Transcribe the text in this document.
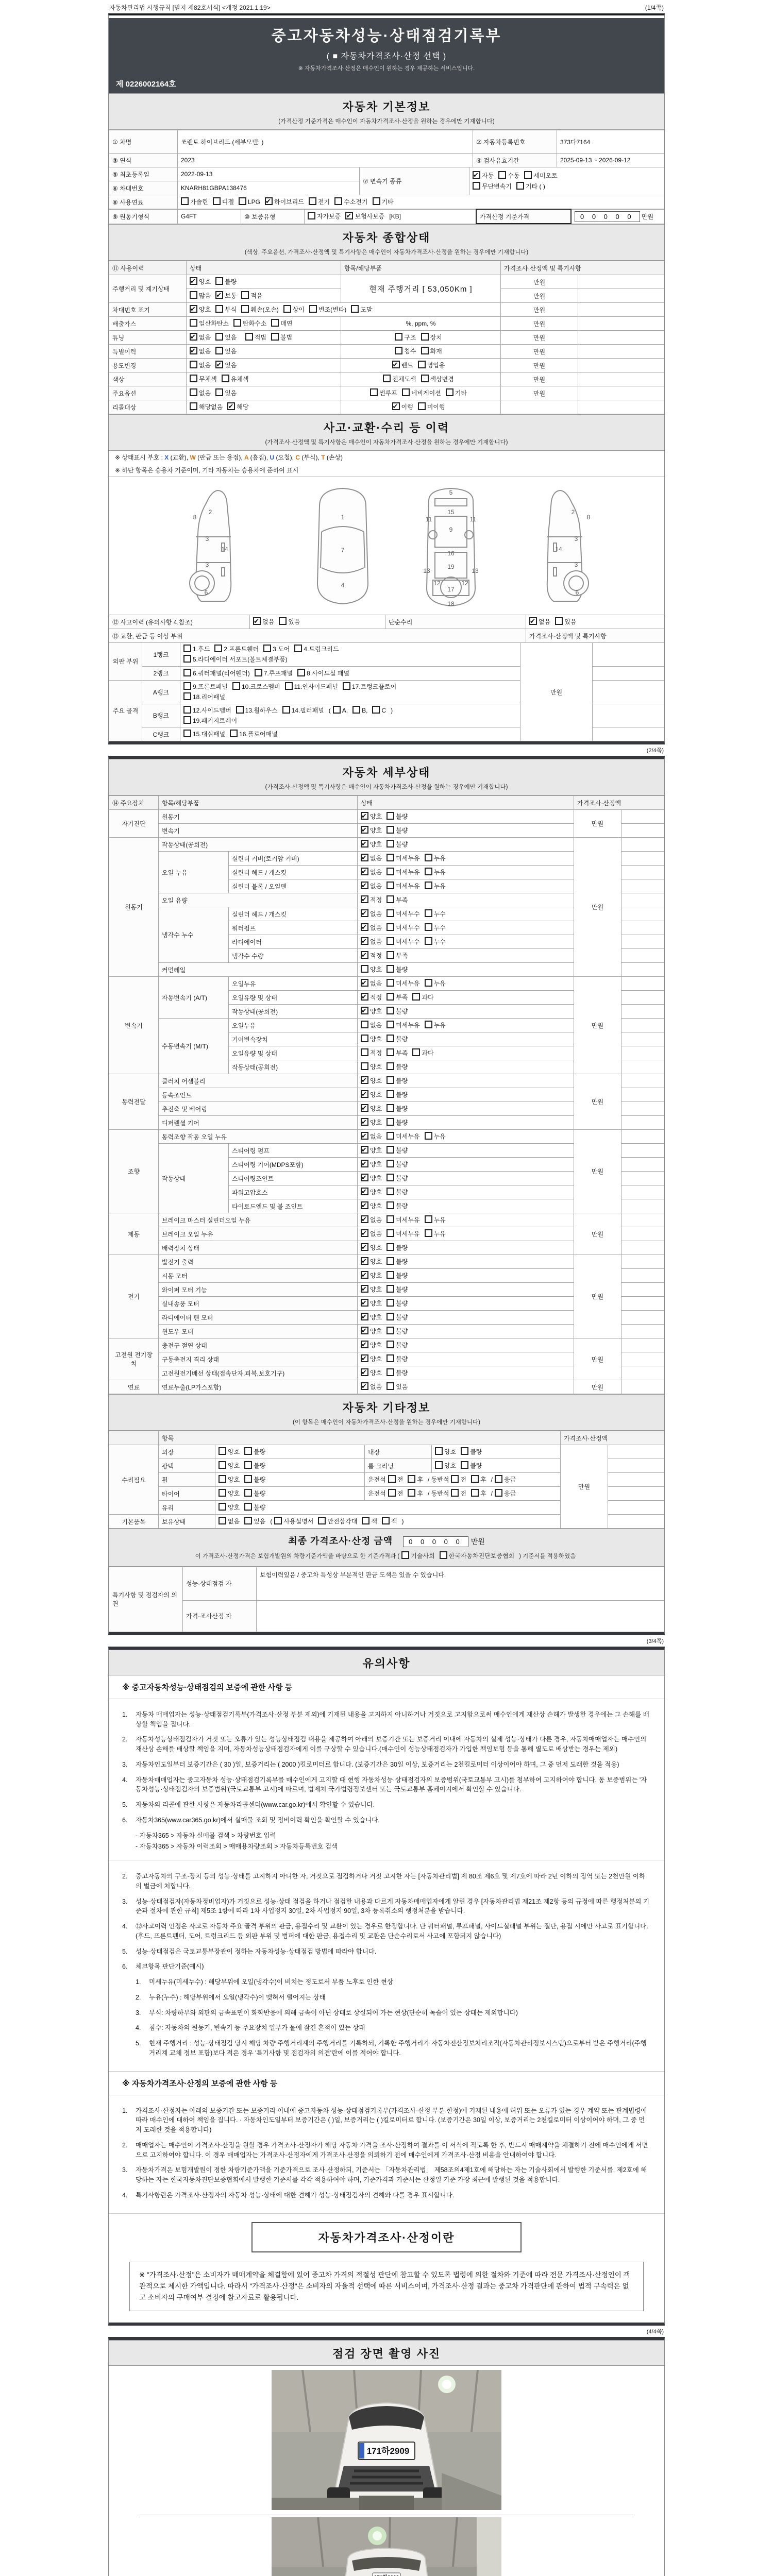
자동차관리법 시행규칙 [별지 제82호서식] <개정 2021.1.19>	(1/4쪽)
중고자동차성능·상태점검기록부
( ■ 자동차가격조사·산정 선택 )
※ 자동차가격조사·산정은 매수인이 원하는 경우 제공하는 서비스입니다.
제 0226002164호
자동차 기본정보
(가격산정 기준가격은 매수인이 자동차가격조사·산정을 원하는 경우에만 기재합니다)
① 차명	쏘렌토 하이브리드 (세부모델: )	② 자동차등록번호	373다7164
③ 연식	2023	④ 검사유효기간	2025-09-13 ~ 2026-09-12
⑤ 최초등록일	2022-09-13	⑦ 변속기 종류	
✔자동 수동 세미오토
무단변속기 기타 ( )

⑥ 차대번호	KNARH81GBPA138476		
⑧ 사용연료	가솔린 디젤 LPG ✔ 하이브리드 전기 수소전기 기타
⑨ 원동기형식	G4FT	⑩ 보증유형	자가보증 ✔ 보험사보증 [KB]	가격산정 기준가격	0 0 0 0 0 만원
자동차 종합상태
(색상, 주요옵션, 가격조사·산정액 및 특기사항은 매수인이 자동차가격조사·산정을 원하는 경우에만 기재합니다)
⑪ 사용이력	상태	항목/해당부품	가격조사·산정액 및 특기사항	
주행거리 및 계기상태	✔양호 불량	현재 주행거리 [ 53,050Km ]	만원	
	많음 ✔ 보통 적음		만원	
차대번호 표기	✔양호 부식 훼손(오손) 상이 변조(변타) 도말		만원	
배출가스	일산화탄소 탄화수소 매연	%, ppm, %	만원	
튜닝	✔없음 있음 적법 불법	구조 장치	만원	
특별이력	✔없음 있음	침수 화재	만원	
용도변경	없음 ✔ 있음	✔렌트 영업용	만원	
색상	무채색 유채색	전체도색 색상변경	만원	
주요옵션	없음 있음	썬루프 네비게이션 기타	만원	
리콜대상	해당없음 ✔ 해당	✔이행 미이행		
사고·교환·수리 등 이력
(가격조사·산정액 및 특기사항은 매수인이 자동차가격조사·산정을 원하는 경우에만 기재합니다)
※ 상태표시 부호 : X (교환), W (판금 또는 용접), A (흠집), U (요철), C (부식), T (손상)
※ 하단 항목은 승용차 기준이며, 기타 자동차는 승용차에 준하여 표시
2
8
3
14
3
6
1
7
4
5
15
9
11	11
16
13	13
19
12	12
17
18
2
8
3
14
3
6
⑫ 사고이력 (유의사항 4.참조)	✔없음 있음	단순수리	✔없음 있음
⑬ 교환, 판금 등 이상 부위			가격조사·산정액 및 특기사항
외판 부위	1랭크	1.후드 2.프론트휀더 3.도어 4.트렁크리드
5.라디에이터 서포트(볼트체결부품)	만원	
	2랭크	6.쿼터패널(리어휀더) 7.루프패널 8.사이드실 패널		

주요 골격	A랭크	9.프론트패널 10.크로스멤버 11.인사이드패널 17.트렁크플로어
18.리어패널		

	B랭크	12.사이드멤버 13.휠하우스 14.필러패널 ( A, B, C )
19.패키지트레이		

	C랭크	15.대쉬패널 16.플로어패널		

(2/4쪽)
자동차 세부상태
(가격조사·산정액 및 특기사항은 매수인이 자동차가격조사·산정을 원하는 경우에만 기재합니다)
⑭ 주요장치	항목/해당부품		상태	가격조사·산정액	
자기진단	원동기	✔양호 불량	만원	
	변속기	✔양호 불량	
원동기	작동상태(공회전)	✔양호 불량	만원	
	오일 누유	실린더 커버(로커암 커버)	✔없음 미세누유 누유	
		실린더 헤드 / 개스킷	✔없음 미세누유 누유	
		실린더 블록 / 오일팬	✔없음 미세누유 누유	
	오일 유량	✔적정 부족	
	냉각수 누수	실린더 헤드 / 개스킷	✔없음 미세누수 누수	
		워터펌프	✔없음 미세누수 누수	
		라디에이터	✔없음 미세누수 누수	
		냉각수 수량	✔적정 부족	
	커먼레일		양호 불량		
변속기	자동변속기 (A/T)	오일누유	✔없음 미세누유 누유	만원	
		오일유량 및 상태	✔적정 부족 과다	
		작동상태(공회전)	✔양호 불량	
	수동변속기 (M/T)	오일누유	없음 미세누유 누유		
		기어변속장치	양호 불량		
		오일유량 및 상태	적정 부족 과다		
		작동상태(공회전)	양호 불량		
동력전달	클러치 어셈블리	✔양호 불량	만원	
	등속조인트	✔양호 불량	
	추진축 및 베어링	✔양호 불량	
	디퍼렌셜 기어	✔양호 불량	
조향	동력조향 작동 오일 누유	✔없음 미세누유 누유	만원	
	작동상태	스티어링 펌프	✔양호 불량	
		스티어링 기어(MDPS포함)	✔양호 불량	
		스티어링조인트	✔양호 불량	
		파워고압호스	✔양호 불량	
		타이로드엔드 및 볼 조인트	✔양호 불량	
제동	브레이크 마스터 실린더오일 누유	✔없음 미세누유 누유	만원	
	브레이크 오일 누유	✔없음 미세누유 누유	
	배력장치 상태	✔양호 불량	
전기	발전기 출력	✔양호 불량	만원	
	시동 모터	✔양호 불량	
	와이퍼 모터 기능	✔양호 불량	
	실내송풍 모터	✔양호 불량	
	라디에이터 팬 모터	✔양호 불량	
	윈도우 모터	✔양호 불량	
고전원 전기장치	충전구 절연 상태	✔양호 불량	만원	
	구동축전지 격리 상태	✔양호 불량	
	고전원전기배선 상태(접속단자,피복,보호기구)	✔양호 불량	
연료	연료누출(LP가스포함)	✔없음 있음	만원	
자동차 기타정보
(이 항목은 매수인이 자동차가격조사·산정을 원하는 경우에만 기재합니다)
	항목				가격조사·산정액	
수리필요	외장	양호 불량	내장	양호 불량	만원	
	광택	양호 불량	룸 크리닝	양호 불량		
	휠	양호 불량	운전석 전 후 / 동반석 전 후 / 응급			
	타이어	양호 불량	운전석 전 후 / 동반석 전 후 / 응급			
	유리	양호 불량				
기본품목	보유상태	없음 있음 ( 사용설명서 안전삼각대 잭 잭 )				
최종 가격조사·산정 금액 0 0 0 0 0 만원
이 가격조사·산정가격은 보험개발원의 차량기준가액을 바탕으로 한 기준가격과 ( 기술사회 한국자동차진단보증협회 ) 기준서를 적용하였음
특기사항 및 점검자의 의견	성능·상태점검 자	보험이력있음 / 중고차 특성상 부분적인 판금 도색은 있을 수 있습니다.
	가격·조사산정 자	
(3/4쪽)
유의사항
※ 중고자동차성능·상태점검의 보증에 관한 사항 등
1.	자동차 매매업자는 성능·상태점검기록부(가격조사·산정 부분 제외)에 기재된 내용을 고지하지 아니하거나 거짓으로 고지함으로써 매수인에게 재산상 손해가 발생한 경우에는 그 손해를 배상할 책임을 집니다.
2.	자동차성능상태점검자가 거짓 또는 오류가 있는 성능상태점검 내용을 제공하여 아래의 보증기간 또는 보증거리 이내에 자동차의 실제 성능·상태가 다른 경우, 자동차매매업자는 매수인의 재산상 손해를 배상할 책임을 지며, 자동차성능상태점검자에게 이를 구상할 수 있습니다.(매수인이 성능상태점검자가 가입한 책임보험 등을 통해 별도로 배상받는 경우는 제외)
3.	자동차인도일부터 보증기간은 ( 30 )일, 보증거리는 ( 2000 )킬로미터로 합니다. (보증기간은 30일 이상, 보증거리는 2천킬로미터 이상이어야 하며, 그 중 먼저 도래한 것을 적용)
4.	자동차매매업자는 중고자동차 성능·상태점검기록부를 매수인에게 고지할 때 현행 자동차성능·상태점검자의 보증범위(국토교통부 고시)를 첨부하여 고지하여야 합니다. 동 보증범위는 '자동차성능·상태점검자의 보증범위'(국토교통부 고시)에 따르며, 법제처 국가법령정보센터 또는 국토교통부 홈페이지에서 확인할 수 있습니다.
5.	자동차의 리콜에 관한 사항은 자동차리콜센터(www.car.go.kr)에서 확인할 수 있습니다.
6.	자동차365(www.car365.go.kr)에서 실매물 조회 및 정비이력 확인을 확인할 수 있습니다.
- 자동차365 > 자동차 실매물 검색 > 차량번호 입력
- 자동차365 > 자동차 이력조회 > 매매용차량조회 > 자동차등록번호 검색
2.	중고자동차의 구조·장치 등의 성능·상태를 고지하지 아니한 자, 거짓으로 점검하거나 거짓 고지한 자는 [자동차관리법] 제 80조 제6호 및 제7호에 따라 2년 이하의 징역 또는 2천만원 이하의 벌금에 처합니다.
3.	성능·상태점검자(자동차정비업자)가 거짓으로 성능·상태 점검을 하거나 점검한 내용과 다르게 자동차매매업자에게 알린 경우 [자동차관리법 제21조 제2항 등의 규정에 따른 행정처분의 기준과 절차에 관한 규칙] 제5조 1항에 따라 1차 사업정지 30일, 2차 사업정지 90일, 3차 등록취소의 행정처분을 받습니다.
4.	⑫사고이력 인정은 사고로 자동차 주요 골격 부위의 판금, 용접수리 및 교환이 있는 경우로 한정합니다. 단 쿼터패널, 루프패널, 사이드실패널 부위는 절단, 용접 시에만 사고로 표기합니다. (후드, 프론트펜더, 도어, 트렁크리드 등 외판 부위 및 범퍼에 대한 판금, 용접수리 및 교환은 단순수리로서 사고에 포함되지 않습니다)
5.	성능·상태점검은 국토교통부장관이 정하는 자동차성능·상태점검 방법에 따라야 합니다.
6.	체크항목 판단기준(예시)
1.	미세누유(미세누수) : 해당부위에 오일(냉각수)이 비치는 정도로서 부품 노후로 인한 현상
2.	누유(누수) : 해당부위에서 오일(냉각수)이 맺혀서 떨어지는 상태
3.	부식: 차량하부와 외판의 금속표면이 화학반응에 의해 금속이 아닌 상태로 상실되어 가는 현상(단순히 녹슬어 있는 상태는 제외합니다)
4.	침수: 자동차의 원동기, 변속기 등 주요장치 일부가 물에 잠긴 흔적이 있는 상태
5.	현재 주행거리 : 성능·상태점검 당시 해당 차량 주행거리계의 주행거리를 기록하되, 기록한 주행거리가 자동차전산정보처리조직(자동차관리정보시스템)으로부터 받은 주행거리(주행거리계 교체 정보 포함)보다 적은 경우 '특기사항 및 점검자의 의견'란에 이를 적어야 합니다.
※ 자동차가격조사·산정의 보증에 관한 사항 등
1.	가격조사·산정자는 아래의 보증기간 또는 보증거리 이내에 중고자동차 성능·상태점검기록부(가격조사·산정 부분 한정)에 기재된 내용에 허위 또는 오류가 있는 경우 계약 또는 관계법령에 따라 매수인에 대하여 책임을 집니다. · 자동차인도일부터 보증기간은 ( )일, 보증거리는 ( )킬로미터로 합니다. (보증기간은 30일 이상, 보증거리는 2천킬로미터 이상이어야 하며, 그 중 먼저 도래한 것을 적용합니다)
2.	매매업자는 매수인이 가격조사·산정을 원할 경우 가격조사·산정자가 해당 자동차 가격을 조사·산정하여 결과를 이 서식에 적도록 한 후, 반드시 매매계약을 체결하기 전에 매수인에게 서면으로 고지하여야 합니다. 이 경우 매매업자는 가격조사·산정자에게 가격조사·산정을 의뢰하기 전에 매수인에게 가격조사·산정 비용을 안내하여야 합니다.
3.	자동차가격은 보험개발원이 정한 차량기준가액을 기준가격으로 조사·산정하되, 기준서는 「자동차관리법」 제58조의4제1호에 해당하는 자는 기술사회에서 발행한 기준서를, 제2호에 해당하는 자는 한국자동차진단보증협회에서 발행한 기준서를 각각 적용하여야 하며, 기준가격과 기준서는 산정일 기준 가장 최근에 발행된 것을 적용합니다.
4.	특기사항란은 가격조사·산정자의 자동차 성능·상태에 대한 견해가 성능·상태점검자의 견해와 다를 경우 표시합니다.
자동차가격조사·산정이란
※ "가격조사·산정"은 소비자가 매매계약을 체결함에 있어 중고차 가격의 적절성 판단에 참고할 수 있도록 법령에 의한 절차와 기준에 따라 전문 가격조사·산정인이 객관적으로 제시한 가액입니다. 따라서 "가격조사·산정"은 소비자의 자율적 선택에 따른 서비스이며, 가격조사·산정 결과는 중고차 가격판단에 관하여 법적 구속력은 없고 소비자의 구매여부 결정에 참고자료로 활용됩니다.
(4/4쪽)
점검 장면 촬영 사진
171하2909
